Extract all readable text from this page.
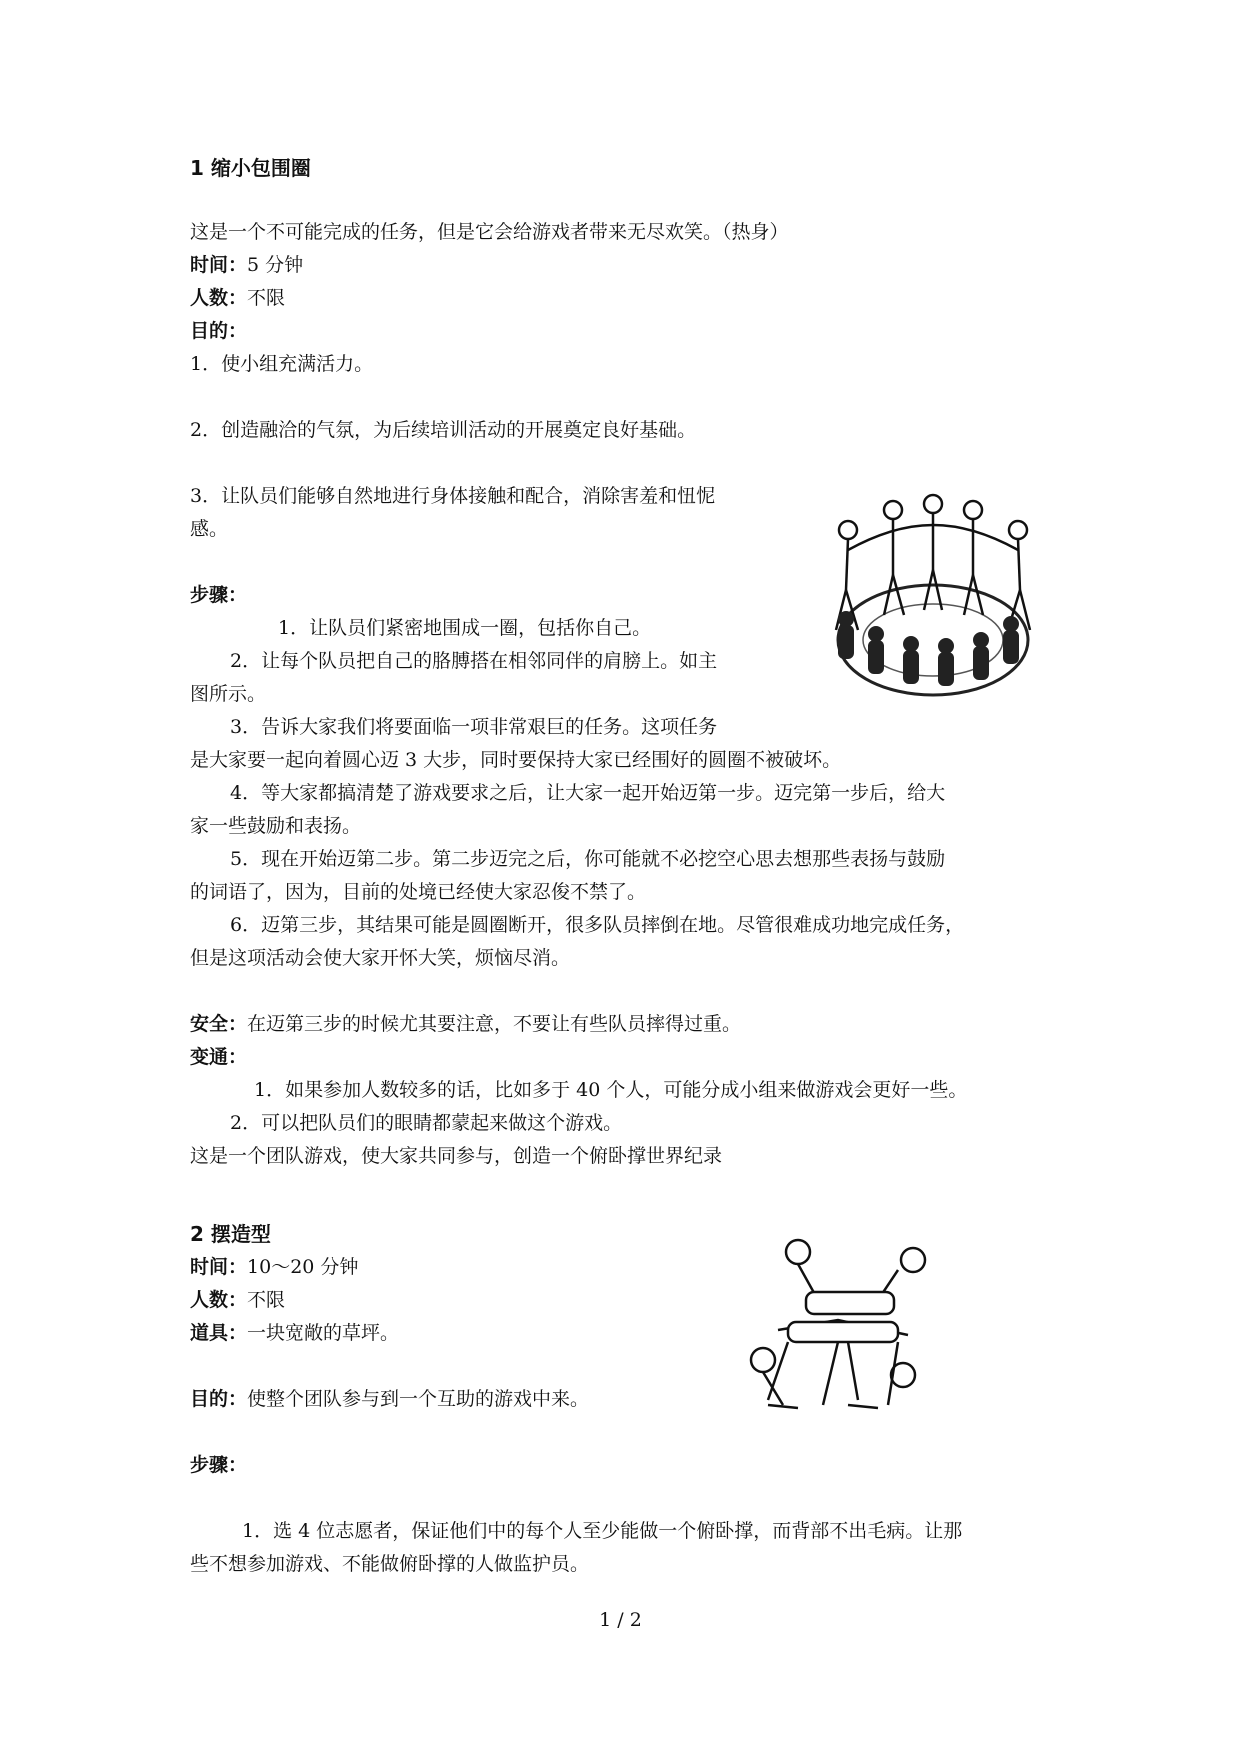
1 缩小包围圈
这是一个不可能完成的任务，但是它会给游戏者带来无尽欢笑。（热身）
时间：5 分钟
人数：不限
目的：
1．使小组充满活力。
2．创造融洽的气氛，为后续培训活动的开展奠定良好基础。
3．让队员们能够自然地进行身体接触和配合，消除害羞和忸怩
感。
步骤：
1．让队员们紧密地围成一圈，包括你自己。
2．让每个队员把自己的胳膊搭在相邻同伴的肩膀上。如主
图所示。
3．告诉大家我们将要面临一项非常艰巨的任务。这项任务
是大家要一起向着圆心迈 3 大步，同时要保持大家已经围好的圆圈不被破坏。
4．等大家都搞清楚了游戏要求之后，让大家一起开始迈第一步。迈完第一步后，给大
家一些鼓励和表扬。
5．现在开始迈第二步。第二步迈完之后，你可能就不必挖空心思去想那些表扬与鼓励
的词语了，因为，目前的处境已经使大家忍俊不禁了。
6．迈第三步，其结果可能是圆圈断开，很多队员摔倒在地。尽管很难成功地完成任务，
但是这项活动会使大家开怀大笑，烦恼尽消。
安全：在迈第三步的时候尤其要注意，不要让有些队员摔得过重。
变通：
1．如果参加人数较多的话，比如多于 40 个人，可能分成小组来做游戏会更好一些。
2．可以把队员们的眼睛都蒙起来做这个游戏。
这是一个团队游戏，使大家共同参与，创造一个俯卧撑世界纪录
2 摆造型
时间：10～20 分钟
人数：不限
道具：一块宽敞的草坪。
目的：使整个团队参与到一个互助的游戏中来。
步骤：
1．选 4 位志愿者，保证他们中的每个人至少能做一个俯卧撑，而背部不出毛病。让那
些不想参加游戏、不能做俯卧撑的人做监护员。
1 / 2
